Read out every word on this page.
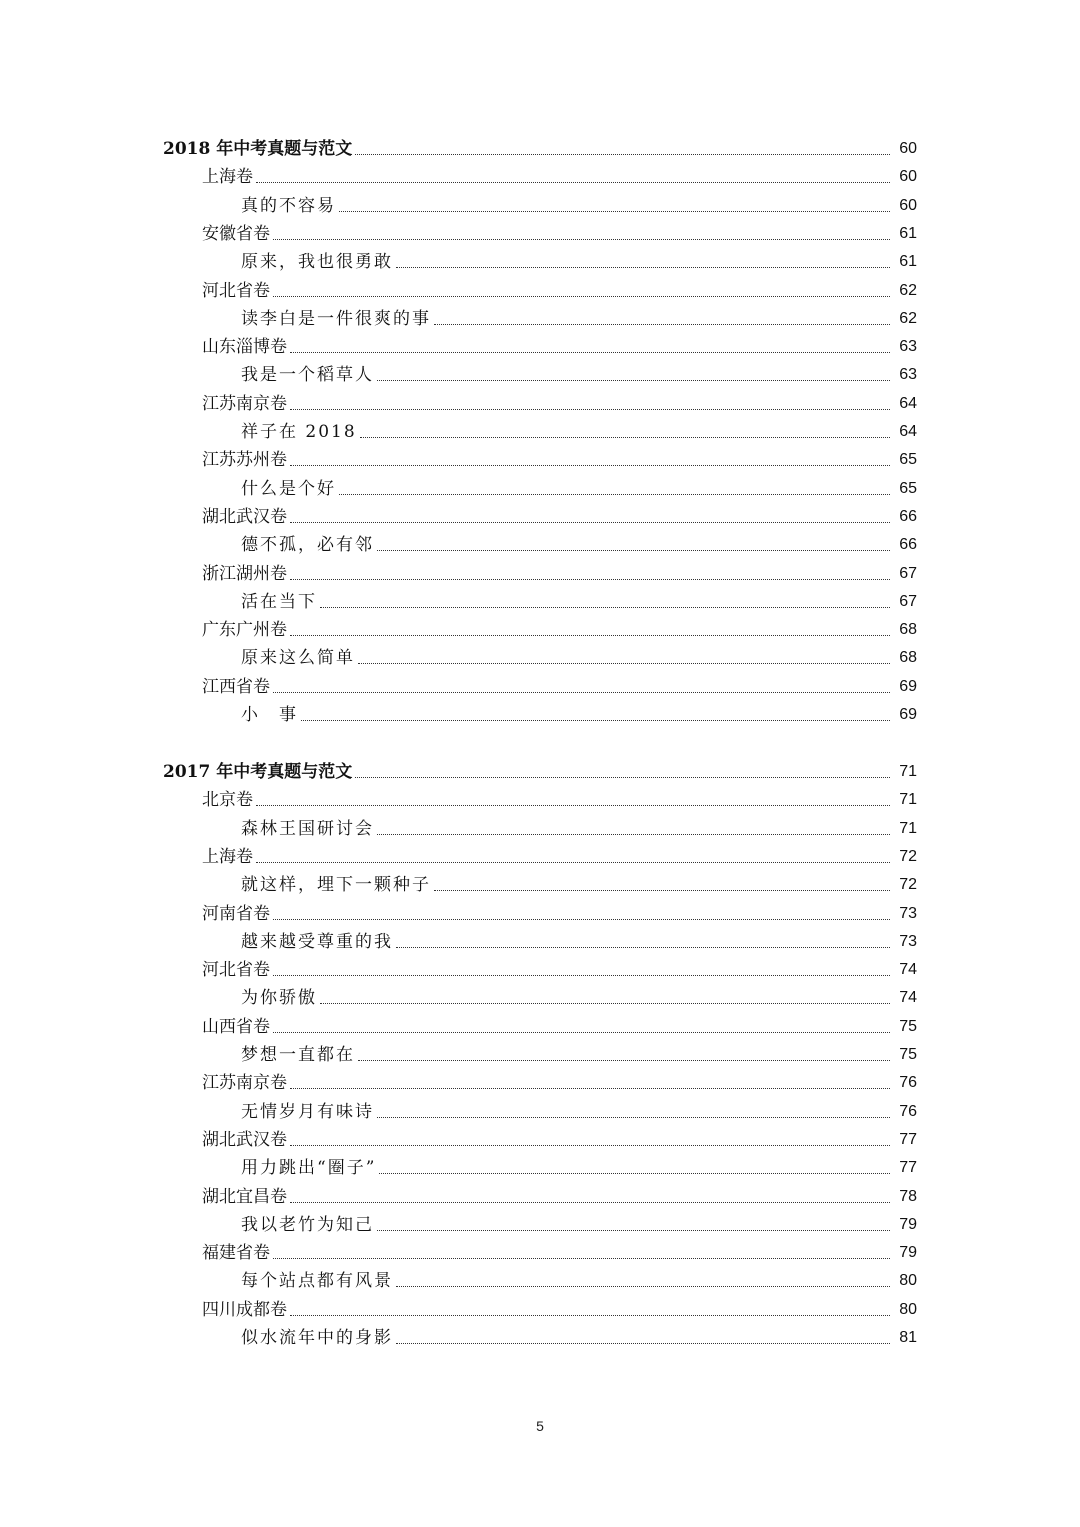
2018 年中考真题与范文	60
上海卷	60
真的不容易	60
安徽省卷	61
原来，我也很勇敢	61
河北省卷	62
读李白是一件很爽的事	62
山东淄博卷	63
我是一个稻草人	63
江苏南京卷	64
祥子在 2018	64
江苏苏州卷	65
什么是个好	65
湖北武汉卷	66
德不孤，必有邻	66
浙江湖州卷	67
活在当下	67
广东广州卷	68
原来这么简单	68
江西省卷	69
小　事	69
2017 年中考真题与范文	71
北京卷	71
森林王国研讨会	71
上海卷	72
就这样，埋下一颗种子	72
河南省卷	73
越来越受尊重的我	73
河北省卷	74
为你骄傲	74
山西省卷	75
梦想一直都在	75
江苏南京卷	76
无情岁月有味诗	76
湖北武汉卷	77
用力跳出“圈子”	77
湖北宜昌卷	78
我以老竹为知己	79
福建省卷	79
每个站点都有风景	80
四川成都卷	80
似水流年中的身影	81
5
